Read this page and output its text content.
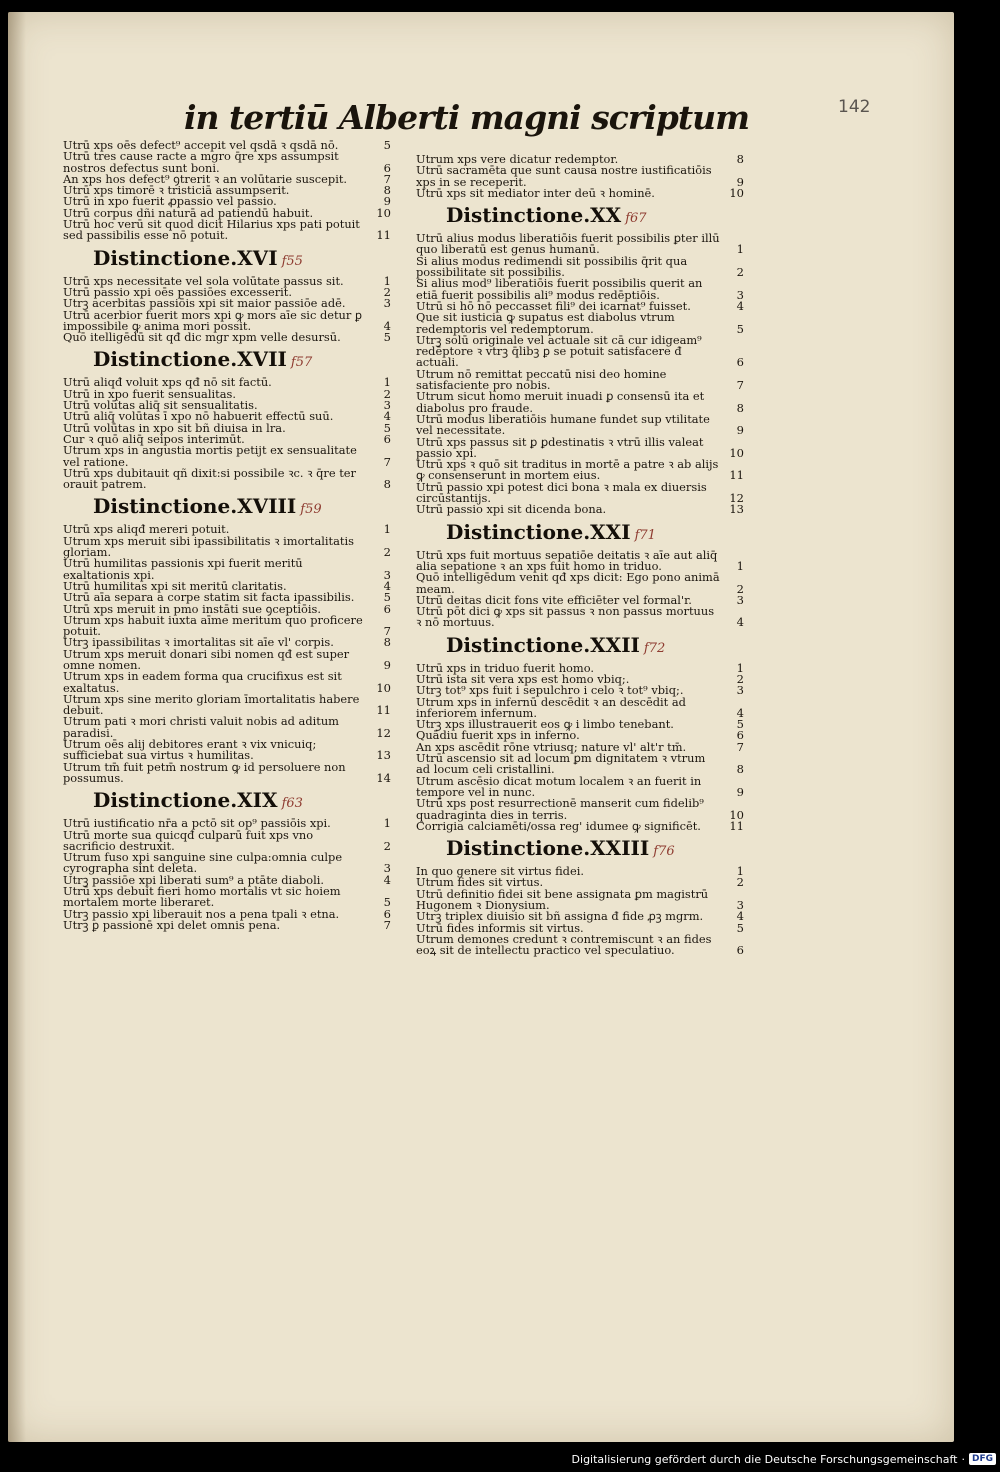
in tertiū Alberti magni scriptum	142
Utrū xps oēs defect⁹ accepit vel qsdā ꝛ qsdā nō.	5
Utrū tres cause racte a mgro q̄re xps assumpsit nostros defectus sunt boni.	6
An xps hos defect⁹ ꝯtrerit ꝛ an volūtarie suscepit.	7
Utrū xps timorē ꝛ tristiciā assumpserit.	8
Utrū in xpo fuerit ꝓpassio vel passio.	9
Utrū corpus dñi naturā ad patiendū habuit.	10
Utrū hoc verū sit quod dicit Hilarius xps pati potuit sed passibilis esse nō potuit.	11
Distinctione.XVI f55
Utrū xps necessitate vel sola volūtate passus sit.	1
Utrū passio xpi oēs passiōes excesserit.	2
Utrꝫ acerbitas passiōis xpi sit maior passiōe adē.	3
Utrū acerbior fuerit mors xpi ꝙ mors aīe sic detur ꝑ impossibile ꝙ anima mori possit.	4
Quō itelligēdū sit qđ dic mgr xpm velle desursū.	5
Distinctione.XVII f57
Utrū aliqđ voluit xps qđ nō sit factū.	1
Utrū in xpo fuerit sensualitas.	2
Utrū volūtas aliq̄ sit sensualitatis.	3
Utrū aliq̄ volūtas ī xpo nō habuerit effectū suū.	4
Utrū volūtas in xpo sit bñ diuisa in lra.	5
Cur ꝛ quō aliq̄ seipos interimūt.	6
Utrum xps in angustia mortis petijt ex sensualitate vel ratione.	7
Utrū xps dubitauit qñ dixit:si possibile ꝛc. ꝛ q̄re ter orauit patrem.	8
Distinctione.XVIII f59
Utrū xps aliqđ mereri potuit.	1
Utrum xps meruit sibi ipassibilitatis ꝛ imortalitatis gloriam.	2
Utrū humilitas passionis xpi fuerit meritū exaltationis xpi.	3
Utrū humilitas xpi sit meritū claritatis.	4
Utrū aīa separa a corpe statim sit facta ipassibilis.	5
Utrū xps meruit in pmo instāti sue ꝯceptiōis.	6
Utrum xps habuit iuxta aīme meritum quo proficere potuit.	7
Utrꝫ ipassibilitas ꝛ imortalitas sit aīe vl' corpis.	8
Utrum xps meruit donari sibi nomen qđ est super omne nomen.	9
Utrum xps in eadem forma qua crucifixus est sit exaltatus.	10
Utrum xps sine merito gloriam īmortalitatis habere debuit.	11
Utrum pati ꝛ mori christi valuit nobis ad aditum paradisi.	12
Utrum oēs alij debitores erant ꝛ vix vnicuiq; sufficiebat sua virtus ꝛ humilitas.	13
Utrum tm̄ fuit petm̄ nostrum ꝙ id persoluere non possumus.	14
Distinctione.XIX f63
Utrū iustificatio nr̄a a pctō sit op⁹ passiōis xpi.	1
Utrū morte sua quicqđ culparū fuit xps vno sacrificio destruxit.	2
Utrum fuso xpi sanguine sine culpa:omnia culpe cyrographa sint deleta.	3
Utrꝫ passiōe xpi liberati sum⁹ a ptāte diaboli.	4
Utrū xps debuit fieri homo mortalis vt sic hoiem mortalem morte liberaret.	5
Utrꝫ passio xpi liberauit nos a pena tpali ꝛ etna.	6
Utrꝫ ꝑ passionē xpi delet omnis pena.	7
Utrum xps vere dicatur redemptor.	8
Utrū sacramēta que sunt causa nostre iustificatiōis xps in se receperit.	9
Utrū xps sit mediator inter deū ꝛ hominē.	10
Distinctione.XX f67
Utrū alius modus liberatiōis fuerit possibilis ꝑter illū quo liberatū est genus humanū.	1
Si alius modus redimendi sit possibilis q̄rit qua possibilitate sit possibilis.	2
Si alius mod⁹ liberatiōis fuerit possibilis querit an etiā fuerit possibilis ali⁹ modus redēptiōis.	3
Utrū si hō nō peccasset fili⁹ dei icarnat⁹ fuisset.	4
Que sit iusticia ꝙ supatus est diabolus vtrum redemptoris vel redemptorum.	5
Utrꝫ solū originale vel actuale sit cā cur idigeam⁹ redēptore ꝛ vtrꝫ q̄libꝫ ꝑ se potuit satisfacere đ actuali.	6
Utrum nō remittat peccatū nisi deo homine satisfaciente pro nobis.	7
Utrum sicut homo meruit inuadi ꝑ consensū ita et diabolus pro fraude.	8
Utrū modus liberatiōis humane fundet sup vtilitate vel necessitate.	9
Utrū xps passus sit ꝑ ꝑdestinatis ꝛ vtrū illis valeat passio xpi.	10
Utrū xps ꝛ quō sit traditus in mortē a patre ꝛ ab alijs ꝙ consenserunt in mortem eius.	11
Utrū passio xpi potest dici bona ꝛ mala ex diuersis circūstantijs.	12
Utrū passio xpi sit dicenda bona.	13
Distinctione.XXI f71
Utrū xps fuit mortuus sepatiōe deitatis ꝛ aīe aut aliq̄ alia sepatione ꝛ an xps fuit homo in triduo.	1
Quō intelligēdum venit qđ xps dicit: Ego pono animā meam.	2
Utrū deitas dicit fons vite efficiēter vel formal'r.	3
Utrū pōt dici ꝙ xps sit passus ꝛ non passus mortuus ꝛ nō mortuus.	4
Distinctione.XXII f72
Utrū xps in triduo fuerit homo.	1
Utrū ista sit vera xps est homo vbiq;.	2
Utrꝫ tot⁹ xps fuit i sepulchro i celo ꝛ tot⁹ vbiq;.	3
Utrum xps in infernū descēdit ꝛ an descēdit ad inferiorem infernum.	4
Utrꝫ xps illustrauerit eos ꝙ i limbo tenebant.	5
Quādiu fuerit xps in inferno.	6
An xps ascēdit rōne vtriusq; nature vl' alt'r tm̄.	7
Utrū ascensio sit ad locum ꝑm dignitatem ꝛ vtrum ad locum celi cristallini.	8
Utrum ascēsio dicat motum localem ꝛ an fuerit in tempore vel in nunc.	9
Utrū xps post resurrectionē manserit cum fidelib⁹ quadraginta dies in terris.	10
Corrigia calciamēti/ossa reg' idumee ꝙ significēt. 11
Distinctione.XXIII f76
In quo genere sit virtus fidei.	1
Utrum fides sit virtus.	2
Utrū definitio fidei sit bene assignata ꝑm magistrū Hugonem ꝛ Dionysium.	3
Utrꝫ triplex diuisio sit bñ assigna đ fide ꝓꝫ mgrm.	4
Utrū fides informis sit virtus.	5
Utrum demones credunt ꝛ contremiscunt ꝛ an fides eoꝝ sit de intellectu practico vel speculatiuo.	6
Digitalisierung gefördert durch die Deutsche Forschungsgemeinschaft · DFG
